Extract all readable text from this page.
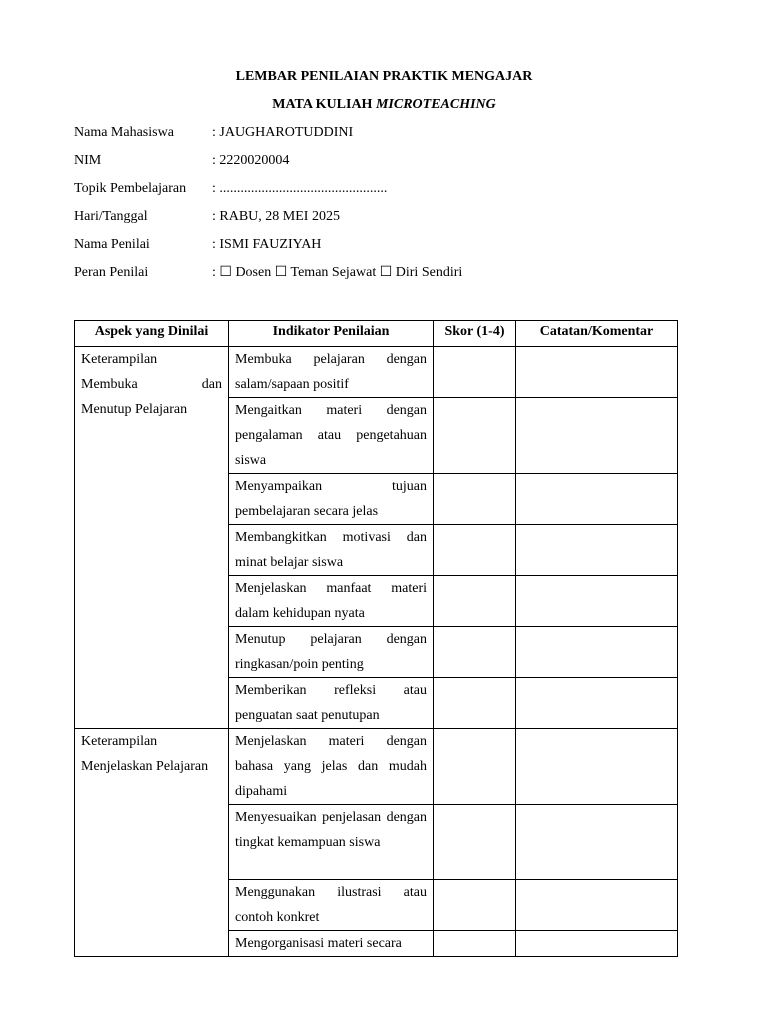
LEMBAR PENILAIAN PRAKTIK MENGAJAR
MATA KULIAH MICROTEACHING
Nama Mahasiswa	: JAUGHAROTUDDINI
NIM	: 2220020004
Topik Pembelajaran	: ................................................
Hari/Tanggal	: RABU, 28 MEI 2025
Nama Penilai	: ISMI FAUZIYAH
Peran Penilai	: ☐ Dosen ☐ Teman Sejawat ☐ Diri Sendiri
Aspek yang Dinilai	Indikator Penilaian	Skor (1-4)	Catatan/Komentar

Keterampilan
Membuka dan
Menutup Pelajaran	Membuka pelajaran dengan salam/sapaan positif		
	Mengaitkan materi dengan pengalaman atau pengetahuan siswa		
	Menyampaikan tujuan pembelajaran secara jelas		
	Membangkitkan motivasi dan minat belajar siswa		
	Menjelaskan manfaat materi dalam kehidupan nyata		
	Menutup pelajaran dengan ringkasan/poin penting		
	Memberikan refleksi atau penguatan saat penutupan		

Keterampilan
Menjelaskan Pelajaran	Menjelaskan materi dengan bahasa yang jelas dan mudah dipahami		
	Menyesuaikan penjelasan dengan tingkat kemampuan siswa		
	Menggunakan ilustrasi atau contoh konkret		
	Mengorganisasi materi secara		
